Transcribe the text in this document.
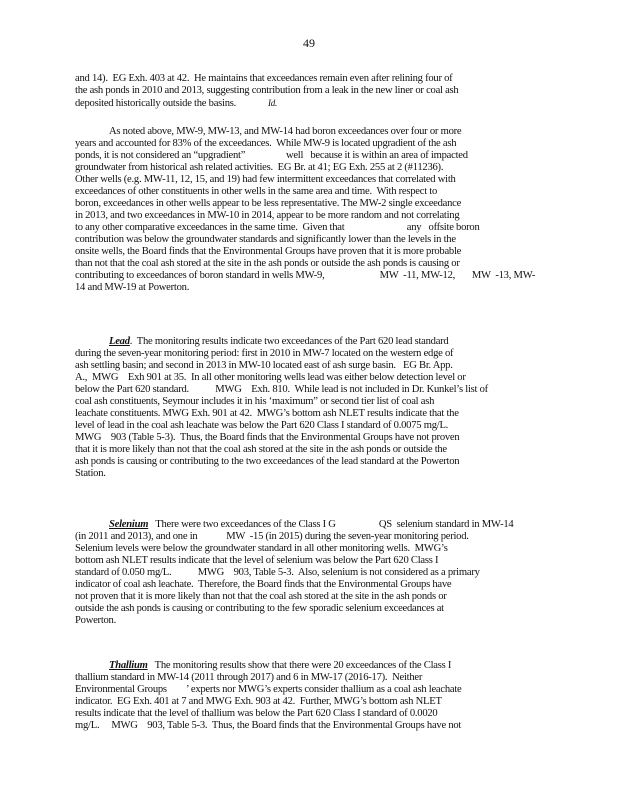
49
and 14).  EG Exh. 403 at 42.  He maintains that exceedances remain even after relining four of
the ash ponds in 2010 and 2013, suggesting contribution from a leak in the new liner or coal ash
deposited historically outside the basins.	Id.
As noted above, MW-9, MW-13, and MW-14 had boron exceedances over four or more
years and accounted for 83% of the exceedances.  While MW-9 is located upgradient of the ash
ponds, it is not considered an “upgradient”                 well   because it is within an area of impacted
groundwater from historical ash related activities.  EG Br. at 41; EG Exh. 255 at 2 (#11236).
Other wells (e.g. MW-11, 12, 15, and 19) had few intermittent exceedances that correlated with
exceedances of other constituents in other wells in the same area and time.  With respect to
boron, exceedances in other wells appear to be less representative. The MW-2 single exceedance
in 2013, and two exceedances in MW-10 in 2014, appear to be more random and not correlating
to any other comparative exceedances in the same time.  Given that                          any   offsite boron
contribution was below the groundwater standards and significantly lower than the levels in the
onsite wells, the Board finds that the Environmental Groups have proven that it is more probable
than not that the coal ash stored at the site in the ash ponds or outside the ash ponds is causing or
contributing to exceedances of boron standard in wells MW-9,                       MW  -11, MW-12,       MW  -13, MW-
14 and MW-19 at Powerton.
Lead.  The monitoring results indicate two exceedances of the Part 620 lead standard
during the seven-year monitoring period: first in 2010 in MW-7 located on the western edge of
ash settling basin; and second in 2013 in MW-10 located east of ash surge basin.   EG Br. App.
A.,  MWG    Exh 901 at 35.  In all other monitoring wells lead was either below detection level or
below the Part 620 standard.           MWG    Exh. 810.  While lead is not included in Dr. Kunkel’s list of
coal ash constituents, Seymour includes it in his ‘maximum” or second tier list of coal ash
leachate constituents. MWG Exh. 901 at 42.  MWG’s bottom ash NLET results indicate that the
level of lead in the coal ash leachate was below the Part 620 Class I standard of 0.0075 mg/L.
MWG    903 (Table 5-3).  Thus, the Board finds that the Environmental Groups have not proven
that it is more likely than not that the coal ash stored at the site in the ash ponds or outside the
ash ponds is causing or contributing to the two exceedances of the lead standard at the Powerton
Station.
Selenium   There were two exceedances of the Class I G                  QS  selenium standard in MW-14
(in 2011 and 2013), and one in            MW  -15 (in 2015) during the seven-year monitoring period.
Selenium levels were below the groundwater standard in all other monitoring wells.  MWG’s
bottom ash NLET results indicate that the level of selenium was below the Part 620 Class I
standard of 0.050 mg/L.           MWG    903, Table 5-3.  Also, selenium is not considered as a primary
indicator of coal ash leachate.  Therefore, the Board finds that the Environmental Groups have
not proven that it is more likely than not that the coal ash stored at the site in the ash ponds or
outside the ash ponds is causing or contributing to the few sporadic selenium exceedances at
Powerton.
Thallium   The monitoring results show that there were 20 exceedances of the Class I
thallium standard in MW-14 (2011 through 2017) and 6 in MW-17 (2016-17).  Neither
Environmental Groups        ’ experts nor MWG’s experts consider thallium as a coal ash leachate
indicator.  EG Exh. 401 at 7 and MWG Exh. 903 at 42.  Further, MWG’s bottom ash NLET
results indicate that the level of thallium was below the Part 620 Class I standard of 0.0020
mg/L.     MWG    903, Table 5-3.  Thus, the Board finds that the Environmental Groups have not
